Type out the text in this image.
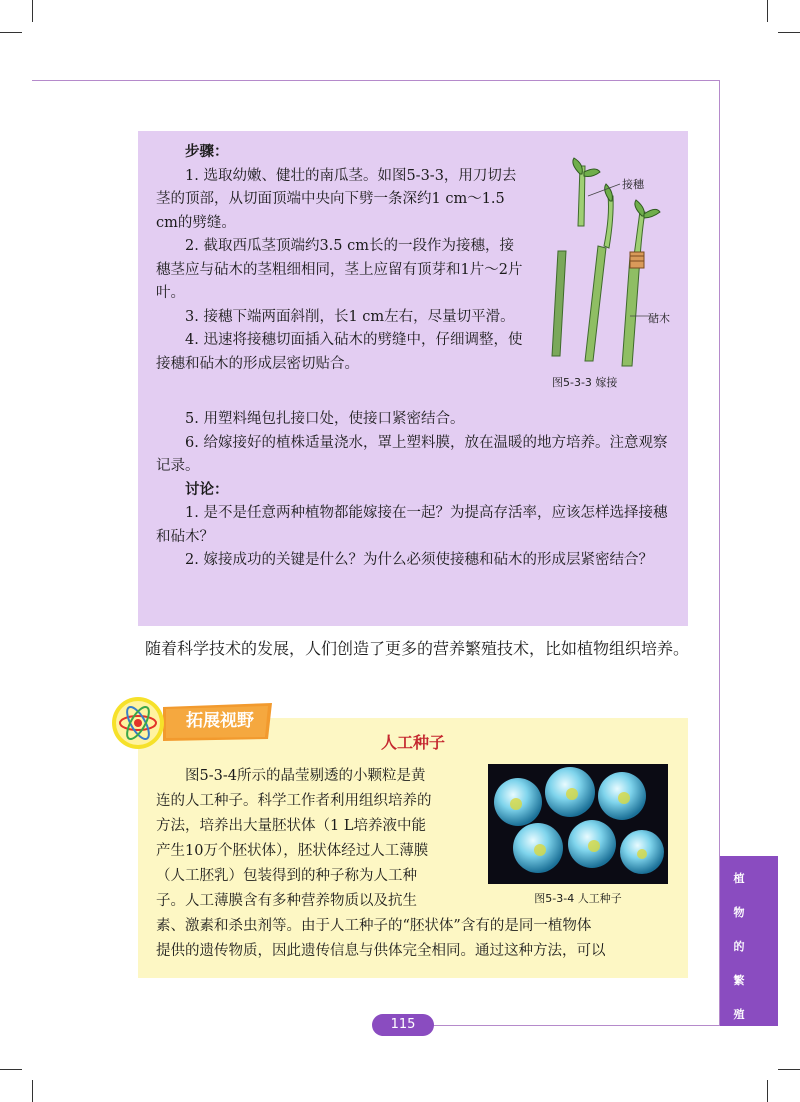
步骤：

1. 选取幼嫩、健壮的南瓜茎。如图5-3-3，用刀切去茎的顶部，从切面顶端中央向下劈一条深约1 cm～1.5 cm的劈缝。

2. 截取西瓜茎顶端约3.5 cm长的一段作为接穗，接穗茎应与砧木的茎粗细相同，茎上应留有顶芽和1片～2片叶。

3. 接穗下端两面斜削，长1 cm左右，尽量切平滑。

4. 迅速将接穗切面插入砧木的劈缝中，仔细调整，使接穗和砧木的形成层密切贴合。

5. 用塑料绳包扎接口处，使接口紧密结合。

6. 给嫁接好的植株适量浇水，罩上塑料膜，放在温暖的地方培养。注意观察记录。

讨论：

1. 是不是任意两种植物都能嫁接在一起？为提高存活率，应该怎样选择接穗和砧木？

2. 嫁接成功的关键是什么？为什么必须使接穗和砧木的形成层紧密结合？

接穗
砧木
图5-3-3 嫁接

随着科学技术的发展，人们创造了更多的营养繁殖技术，比如植物组织培养。

人工种子
图5-3-4所示的晶莹剔透的小颗粒是黄
连的人工种子。科学工作者利用组织培养的
方法，培养出大量胚状体（1 L培养液中能
产生10万个胚状体），胚状体经过人工薄膜
（人工胚乳）包装得到的种子称为人工种
子。人工薄膜含有多种营养物质以及抗生
素、激素和杀虫剂等。由于人工种子的“胚状体”含有的是同一植物体
提供的遗传物质，因此遗传信息与供体完全相同。通过这种方法，可以
图5-3-4 人工种子
拓展视野
115
植
物
的
繁
殖
